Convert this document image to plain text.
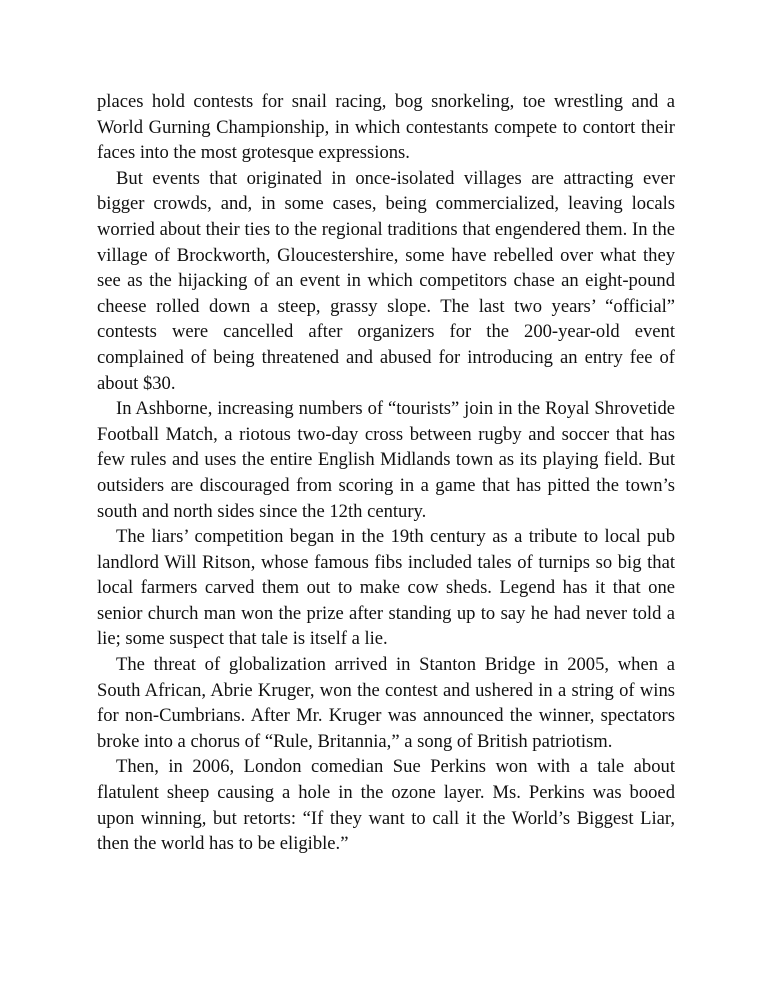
places hold contests for snail racing, bog snorkeling, toe wrestling and a World Gurning Championship, in which contestants compete to contort their faces into the most grotesque expressions.

But events that originated in once-isolated villages are attracting ever bigger crowds, and, in some cases, being commercialized, leaving locals worried about their ties to the regional traditions that engendered them. In the village of Brockworth, Gloucestershire, some have rebelled over what they see as the hijacking of an event in which competitors chase an eight-pound cheese rolled down a steep, grassy slope. The last two years’ “official” contests were cancelled after organizers for the 200-year-old event complained of being threatened and abused for introducing an entry fee of about $30.

In Ashborne, increasing numbers of “tourists” join in the Royal Shrovetide Football Match, a riotous two-day cross between rugby and soccer that has few rules and uses the entire English Midlands town as its playing field. But outsiders are discouraged from scoring in a game that has pitted the town’s south and north sides since the 12th century.

The liars’ competition began in the 19th century as a tribute to local pub landlord Will Ritson, whose famous fibs included tales of turnips so big that local farmers carved them out to make cow sheds. Legend has it that one senior church man won the prize after standing up to say he had never told a lie; some suspect that tale is itself a lie.

The threat of globalization arrived in Stanton Bridge in 2005, when a South African, Abrie Kruger, won the contest and ushered in a string of wins for non-Cumbrians. After Mr. Kruger was announced the winner, spectators broke into a chorus of “Rule, Britannia,” a song of British patriotism.

Then, in 2006, London comedian Sue Perkins won with a tale about flatulent sheep causing a hole in the ozone layer. Ms. Perkins was booed upon winning, but retorts: “If they want to call it the World’s Biggest Liar, then the world has to be eligible.”
